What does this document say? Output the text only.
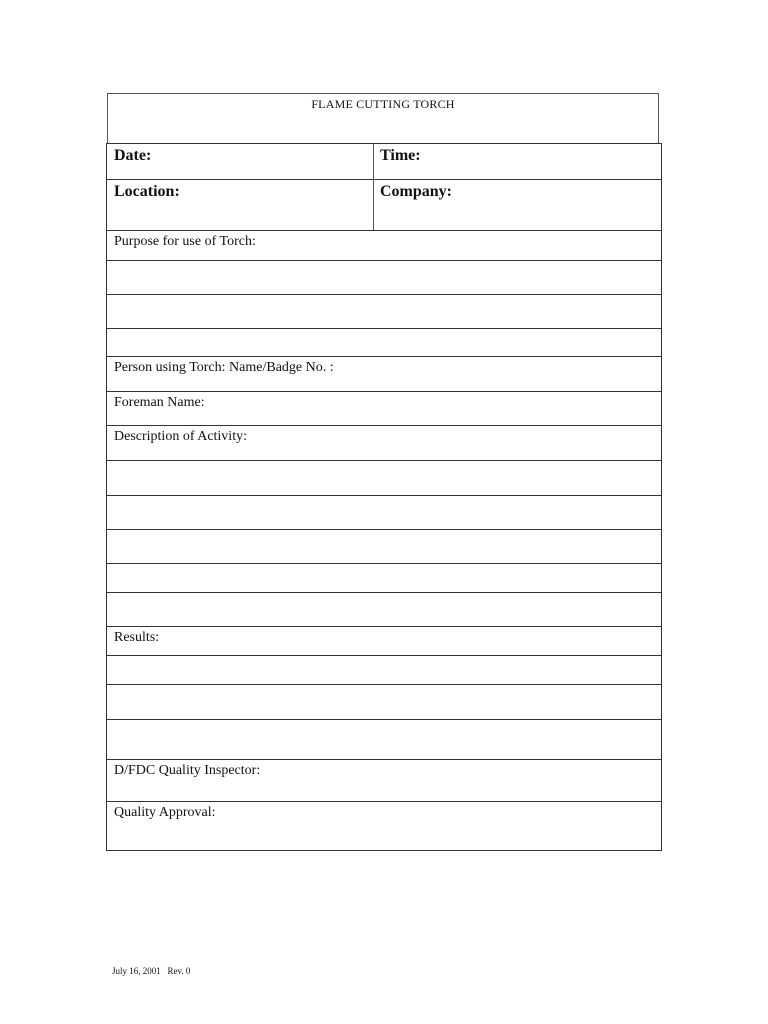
FLAME CUTTING TORCH
Date:	Time:
Location:	Company:
Purpose for use of Torch:
Person using Torch: Name/Badge No. :
Foreman Name:
Description of Activity:
Results:
D/FDC Quality Inspector:
Quality Approval:
July 16, 2001   Rev. 0
